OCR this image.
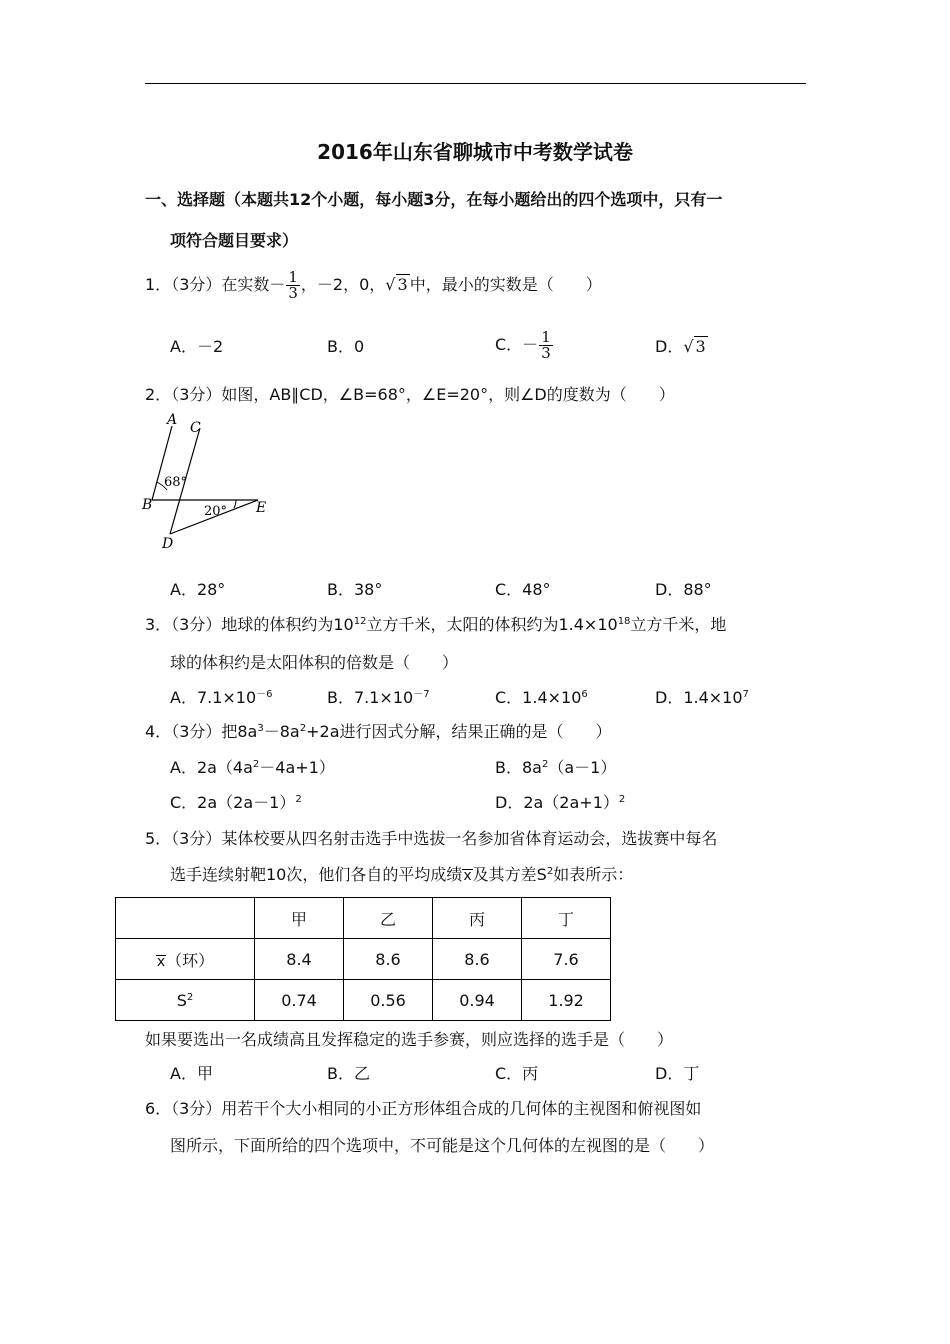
2016年山东省聊城市中考数学试卷
一、选择题（本题共12个小题，每小题3分，在每小题给出的四个选项中，只有一
项符合题目要求）
1．（3分）在实数－ $\frac{1}{3}$ ，－2，0，√ 3 中，最小的实数是（　　）
A．－2	B．0	C．－ $\frac{1}{3}$	D．√ 3
2．（3分）如图，AB∥CD，∠B=68°，∠E=20°，则∠D的度数为（　　）
A C
B
D
E
68°
20°
A．28°	B．38°	C．48°	D．88°
3．（3分）地球的体积约为$10^{12}$立方千米，太阳的体积约为$1.4\times 10^{18}$立方千米，地
球的体积约是太阳体积的倍数是（　　）
A．$7.1\times 10^{-6}$	B．$7.1\times 10^{-7}$	C．$1.4\times 10^6$	D．$1.4\times 10^7$
4．（3分）把$8a^3-8a^2+2a$进行因式分解，结果正确的是（　　）
A．$2a(4a^2-4a+1)$	B．$8a^2(a-1)$
C．$2a(2a-1)^2$	D．$2a(2a+1)^2$
5．（3分）某体校要从四名射击选手中选拔一名参加省体育运动会，选拔赛中每名
选手连续射靶10次，他们各自的平均成绩x及其方差$S^2$如表所示：
	甲	乙	丙	丁
x（环）	8.4	8.6	8.6	7.6
$S^2$	0.74	0.56	0.94	1.92
如果要选出一名成绩高且发挥稳定的选手参赛，则应选择的选手是（　　）
A．甲	B．乙	C．丙	D．丁
6．（3分）用若干个大小相同的小正方形体组合成的几何体的主视图和俯视图如
图所示，下面所给的四个选项中，不可能是这个几何体的左视图的是（　　）
